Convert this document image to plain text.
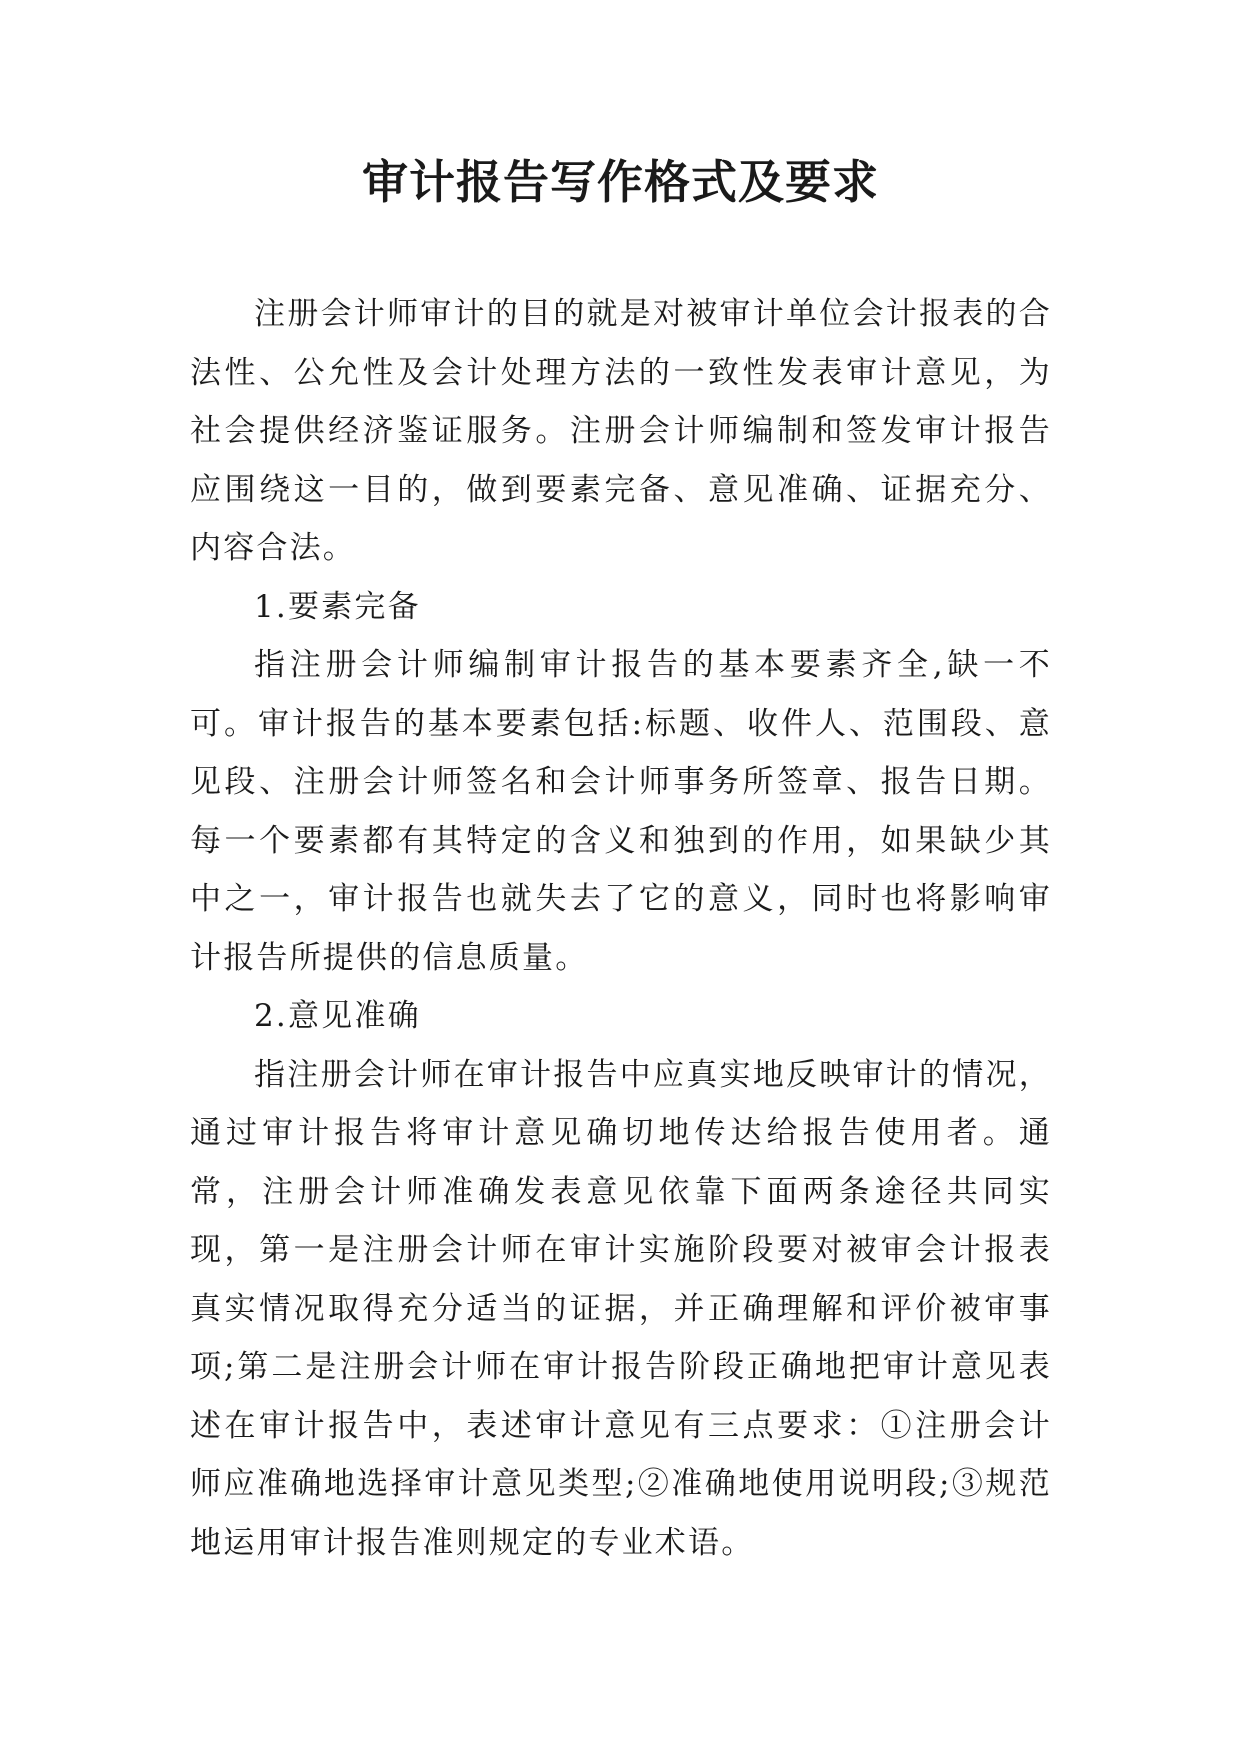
审计报告写作格式及要求

注册会计师审计的目的就是对被审计单位会计报表的合法性、公允性及会计处理方法的一致性发表审计意见，为社会提供经济鉴证服务。注册会计师编制和签发审计报告应围绕这一目的，做到要素完备、意见准确、证据充分、内容合法。

1.要素完备

指注册会计师编制审计报告的基本要素齐全,缺一不可。审计报告的基本要素包括:标题、收件人、范围段、意见段、注册会计师签名和会计师事务所签章、报告日期。每一个要素都有其特定的含义和独到的作用，如果缺少其中之一，审计报告也就失去了它的意义，同时也将影响审计报告所提供的信息质量。

2.意见准确

指注册会计师在审计报告中应真实地反映审计的情况，通过审计报告将审计意见确切地传达给报告使用者。通常，注册会计师准确发表意见依靠下面两条途径共同实现，第一是注册会计师在审计实施阶段要对被审会计报表真实情况取得充分适当的证据，并正确理解和评价被审事项;第二是注册会计师在审计报告阶段正确地把审计意见表述在审计报告中，表述审计意见有三点要求：①注册会计师应准确地选择审计意见类型;②准确地使用说明段;③规范地运用审计报告准则规定的专业术语。
